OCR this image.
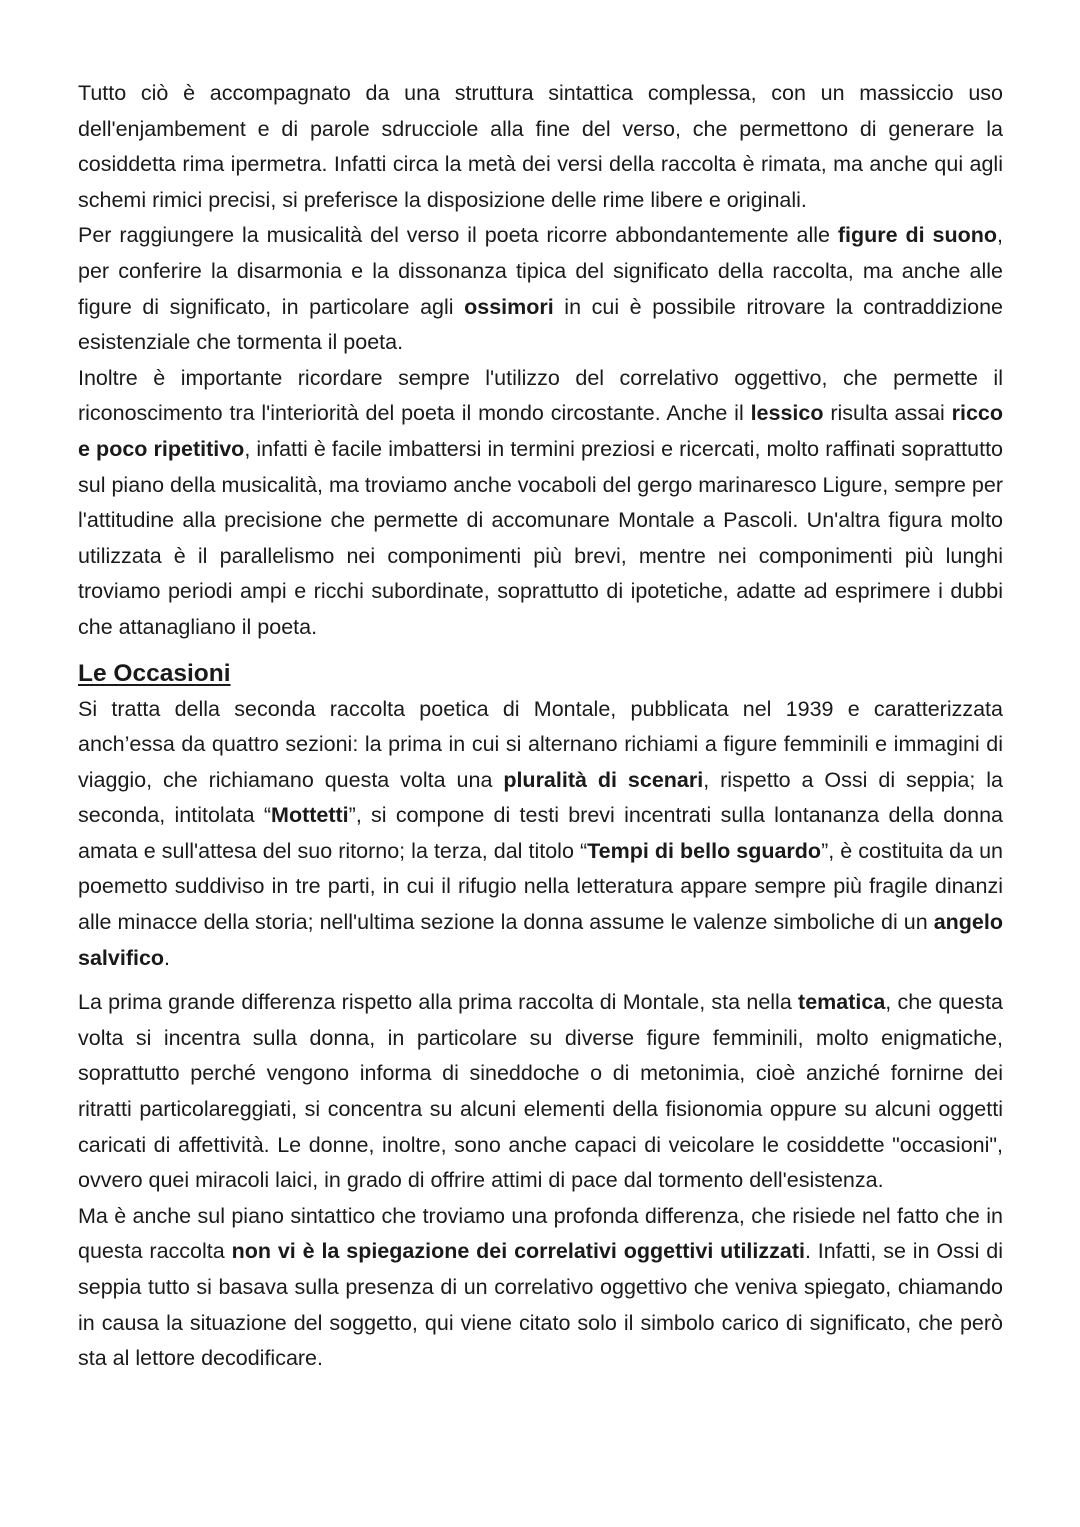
Tutto ciò è accompagnato da una struttura sintattica complessa, con un massiccio uso dell'enjambement e di parole sdrucciole alla fine del verso, che permettono di generare la cosiddetta rima ipermetra. Infatti circa la metà dei versi della raccolta è rimata, ma anche qui agli schemi rimici precisi, si preferisce la disposizione delle rime libere e originali.

Per raggiungere la musicalità del verso il poeta ricorre abbondantemente alle figure di suono, per conferire la disarmonia e la dissonanza tipica del significato della raccolta, ma anche alle figure di significato, in particolare agli ossimori in cui è possibile ritrovare la contraddizione esistenziale che tormenta il poeta.

Inoltre è importante ricordare sempre l'utilizzo del correlativo oggettivo, che permette il riconoscimento tra l'interiorità del poeta il mondo circostante. Anche il lessico risulta assai ricco e poco ripetitivo, infatti è facile imbattersi in termini preziosi e ricercati, molto raffinati soprattutto sul piano della musicalità, ma troviamo anche vocaboli del gergo marinaresco Ligure, sempre per l'attitudine alla precisione che permette di accomunare Montale a Pascoli. Un'altra figura molto utilizzata è il parallelismo nei componimenti più brevi, mentre nei componimenti più lunghi troviamo periodi ampi e ricchi subordinate, soprattutto di ipotetiche, adatte ad esprimere i dubbi che attanagliano il poeta.

Le Occasioni

Si tratta della seconda raccolta poetica di Montale, pubblicata nel 1939 e caratterizzata anch’essa da quattro sezioni: la prima in cui si alternano richiami a figure femminili e immagini di viaggio, che richiamano questa volta una pluralità di scenari, rispetto a Ossi di seppia; la seconda, intitolata “Mottetti”, si compone di testi brevi incentrati sulla lontananza della donna amata e sull'attesa del suo ritorno; la terza, dal titolo “Tempi di bello sguardo”, è costituita da un poemetto suddiviso in tre parti, in cui il rifugio nella letteratura appare sempre più fragile dinanzi alle minacce della storia; nell'ultima sezione la donna assume le valenze simboliche di un angelo salvifico.

La prima grande differenza rispetto alla prima raccolta di Montale, sta nella tematica, che questa volta si incentra sulla donna, in particolare su diverse figure femminili, molto enigmatiche, soprattutto perché vengono informa di sineddoche o di metonimia, cioè anziché fornirne dei ritratti particolareggiati, si concentra su alcuni elementi della fisionomia oppure su alcuni oggetti caricati di affettività. Le donne, inoltre, sono anche capaci di veicolare le cosiddette "occasioni", ovvero quei miracoli laici, in grado di offrire attimi di pace dal tormento dell'esistenza.

Ma è anche sul piano sintattico che troviamo una profonda differenza, che risiede nel fatto che in questa raccolta non vi è la spiegazione dei correlativi oggettivi utilizzati. Infatti, se in Ossi di seppia tutto si basava sulla presenza di un correlativo oggettivo che veniva spiegato, chiamando in causa la situazione del soggetto, qui viene citato solo il simbolo carico di significato, che però sta al lettore decodificare.
